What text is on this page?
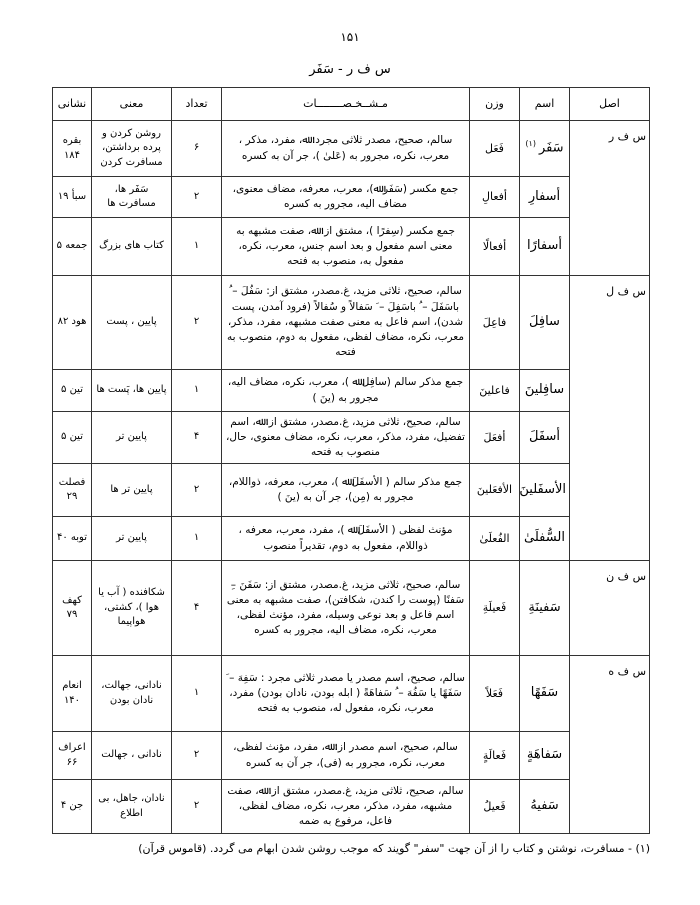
۱۵۱
س ف ر - سَفَر
اصل	اسم	وزن	مـشــخـصــــــــات	تعداد	معنی	نشانی
س ف ر	سَفَر$^{(۱)}$	فَعَل	سالم، صحیح، مصدر ثلاثی مجرد: ﷲ، مفرد، مذکر ، معرب، نکره، مجرور به (عَلیٰ )، جر آن به کسره	۶	روشن کردن و پرده برداشتن، مسافرت کردن	بقره ۱۸۴
	أسفارِ	أفعالِ	جمع مکسر (سَفَر ﷲ)، معرب، معرفه، مضاف معنوی، مضاف الیه، مجرور به کسره	۲	سَفَر ها، مسافرت ها	سبأ ۱۹
	أسفارًا	أفعالًا	جمع مکسر (سِفرًا )، مشتق از: ﷲ، صفت مشبهه به معنی اسم مفعول و بعد اسم جنس، معرب، نکره، مفعول به، منصوب به فتحه	۱	کتاب های بزرگ	جمعه ۵
س ف ل	سافِلَ	فاعِلَ	سالم، صحیح، ثلاثی مزید، غ.مصدر، مشتق از: سَفُلَ – ُ باسَفَلَ – ُ باسَفِلَ – َ سَفالاً و سُفالاً (فرود آمدن، پست شدن)، اسم فاعل به معنی صفت مشبهه، مفرد، مذکر، معرب، نکره، مضاف لفظی، مفعول به دوم، منصوب به فتحه	۲	پایین ، پست	هود ۸۲
	سافِلینَ	فاعلینَ	جمع مذکر سالم (سافِل ﷲ )، معرب، نکره، مضاف الیه، مجرور به (ینَ )	۱	پایین ها، پَست ها	تین ۵
	أسفَلَ	أفعَلَ	سالم، صحیح، ثلاثی مزید، غ.مصدر، مشتق از: ﷲ، اسم تفضیل، مفرد، مذکر، معرب، نکره، مضاف معنوی، حال، منصوب به فتحه	۴	پایین تر	تین ۵
	الأسفَلینَ	الأفعَلینَ	جمع مذکر سالم ( الأسفَلَ ﷲ )، معرب، معرفه، ذواللام، مجرور به (مِن)، جر آن به (ینَ )	۲	پایین تر ها	فصلت ۲۹
	السُّفلَیٰ	الفُعلَیٰ	مؤنث لفظی ( الأسفَلَ ﷲ )، مفرد، معرب، معرفه ، ذواللام، مفعول به دوم، تقدیراً منصوب	۱	پایین تر	توبه ۴۰
س ف ن	سَفینَةِ	فَعیلَةِ	سالم، صحیح، ثلاثی مزید، غ.مصدر، مشتق از: سَفَنَ –ِ سَفنًا (پوست را کندن، شکافتن)، صفت مشبهه به معنی اسم فاعل و بعد نوعی وسیله، مفرد، مؤنث لفظی، معرب، نکره، مضاف الیه، مجرور به کسره	۴	شکافنده ( آب یا هوا )، کشتی، هواپیما	کهف ۷۹
س ف ه	سَفَهًا	فَعَلاً	سالم، صحیح، اسم مصدر یا مصدر ثلاثی مجرد : سَفِهَ – َ سَفَهًا یا سَفُهَ – ُ سَفاهَةً ( ابله بودن، نادان بودن) مفرد، معرب، نکره، مفعول له، منصوب به فتحه	۱	نادانی، جهالت، نادان بودن	انعام ۱۴۰
	سَفاهَةٍ	فَعالَةٍ	سالم، صحیح، اسم مصدر از: ﷲ، مفرد، مؤنث لفظی، معرب، نکره، مجرور به (فی)، جر آن به کسره	۲	نادانی ، جهالت	اعراف ۶۶
	سَفیهُ	فَعیلُ	سالم، صحیح، ثلاثی مزید، غ.مصدر، مشتق از: ﷲ، صفت مشبهه، مفرد، مذکر، معرب، نکره، مضاف لفظی، فاعل، مرفوع به ضمه	۲	نادان، جاهل، بی اطلاع	جن ۴
(۱) - مسافرت، نوشتن و کتاب را از آن جهت "سفر" گویند که موجب روشن شدن ابهام می گردد. (قاموس قرآن)
